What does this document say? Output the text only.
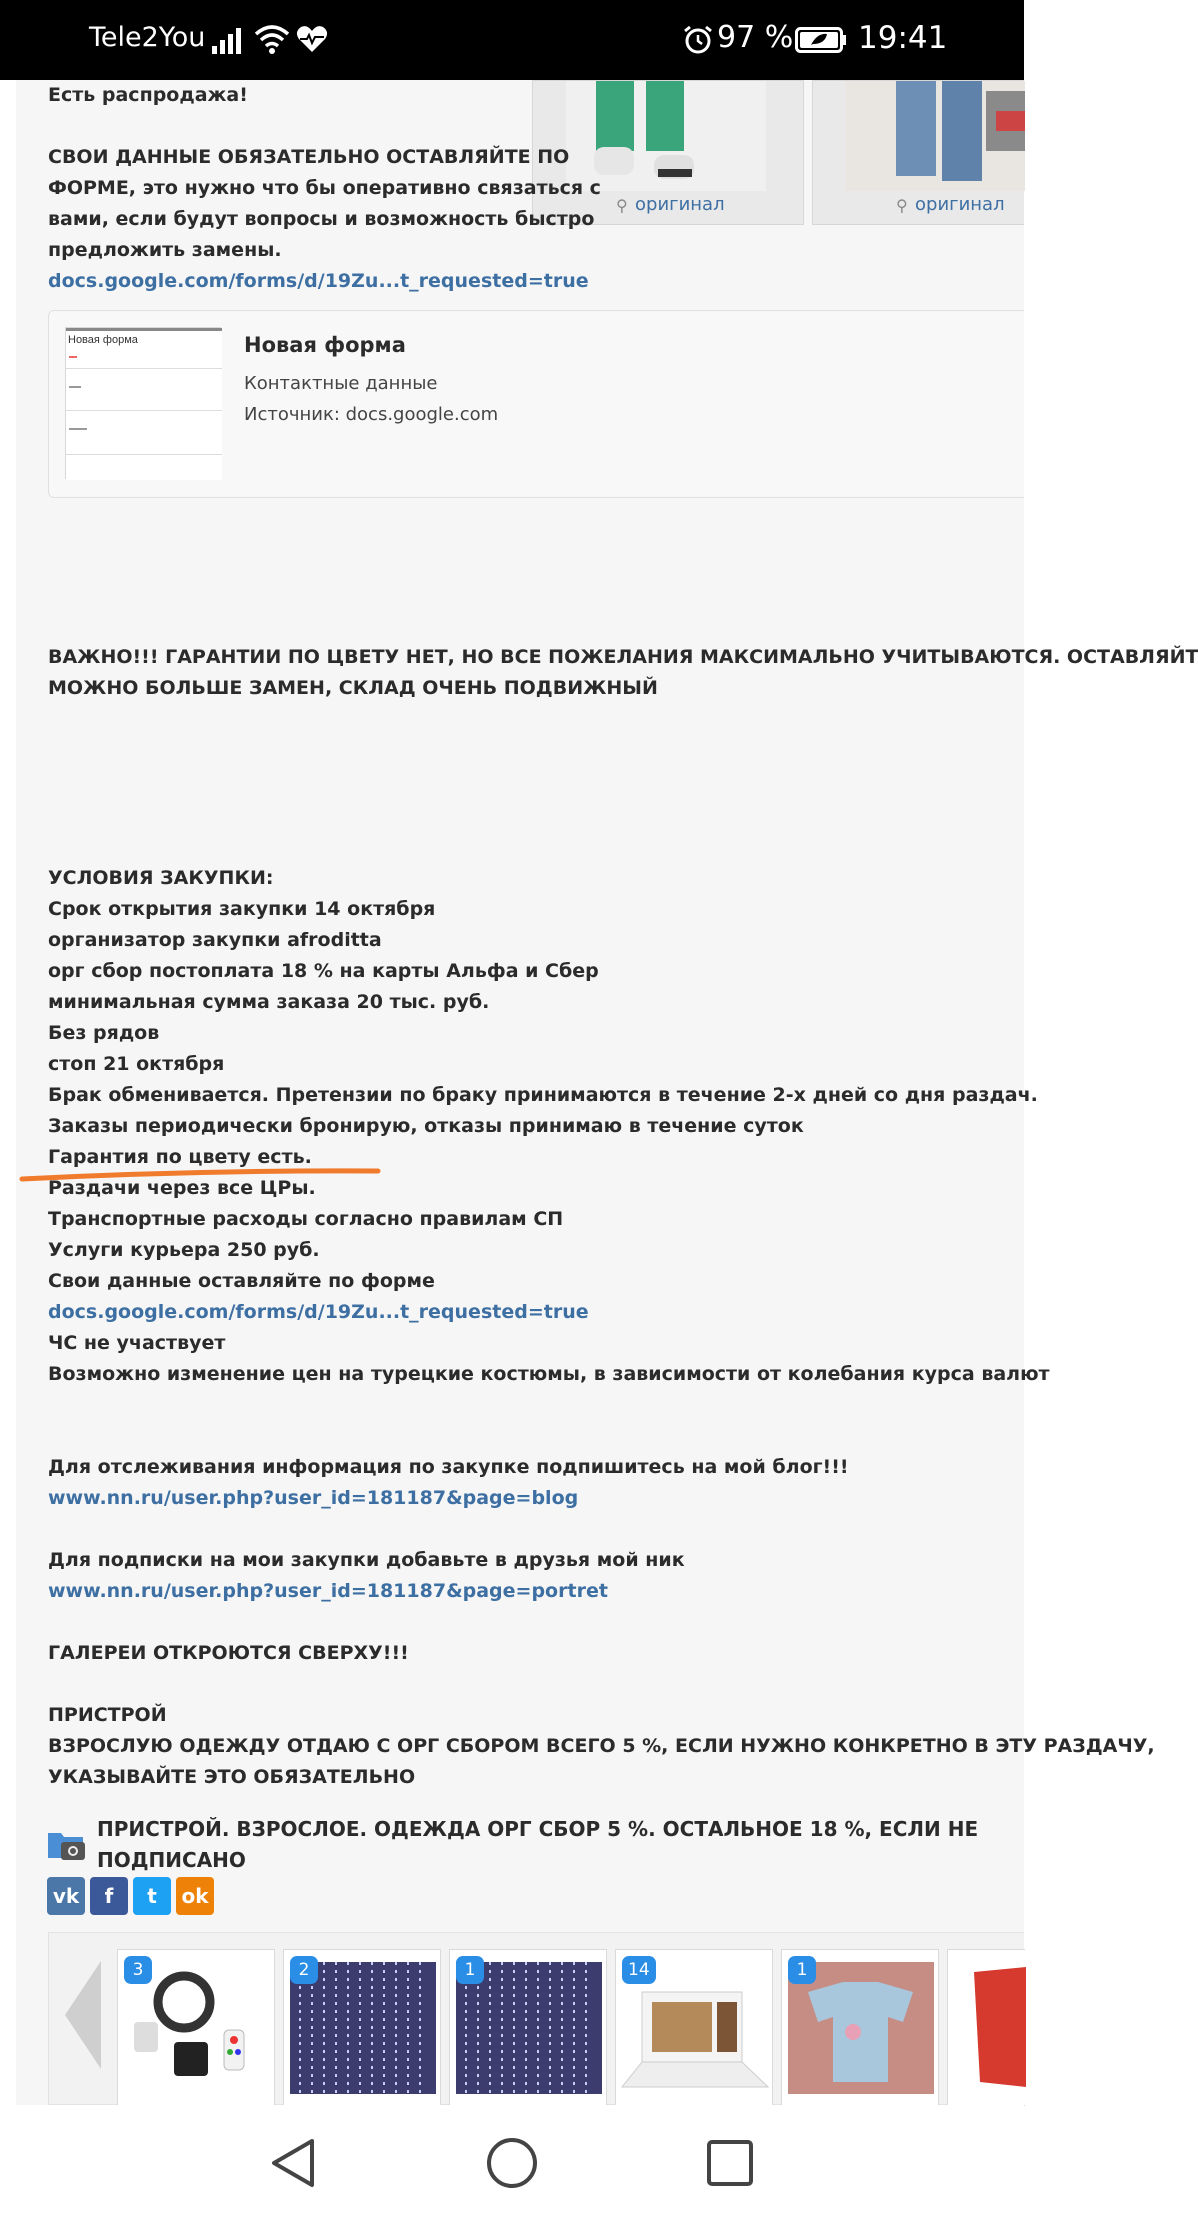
Tele2You	97 % 19:41
⚲ оригинал	⚲ оригинал
Есть распродажа!
СВОИ ДАННЫЕ ОБЯЗАТЕЛЬНО ОСТАВЛЯЙТЕ ПО
ФОРМЕ, это нужно что бы оперативно связаться с
вами, если будут вопросы и возможность быстро
предложить замены.
docs.google.com/forms/d/19Zu...t_requested=true
Новая форма	Новая форма
Контактные данные
Источник: docs.google.com
ВАЖНО!!! ГАРАНТИИ ПО ЦВЕТУ НЕТ, НО ВСЕ ПОЖЕЛАНИЯ МАКСИМАЛЬНО УЧИТЫВАЮТСЯ. ОСТАВЛЯЙТ
МОЖНО БОЛЬШЕ ЗАМЕН, СКЛАД ОЧЕНЬ ПОДВИЖНЫЙ
УСЛОВИЯ ЗАКУПКИ:
Срок открытия закупки 14 октября
организатор закупки afroditta
орг сбор постоплата 18 % на карты Альфа и Сбер
минимальная сумма заказа 20 тыс. руб.
Без рядов
стоп 21 октября
Брак обменивается. Претензии по браку принимаются в течение 2-х дней со дня раздач.
Заказы периодически бронирую, отказы принимаю в течение суток
Гарантия по цвету есть.
Раздачи через все ЦРы.
Транспортные расходы согласно правилам СП
Услуги курьера 250 руб.
Свои данные оставляйте по форме
docs.google.com/forms/d/19Zu...t_requested=true
ЧС не участвует
Возможно изменение цен на турецкие костюмы, в зависимости от колебания курса валют
Для отслеживания информация по закупке подпишитесь на мой блог!!!
www.nn.ru/user.php?user_id=181187&page=blog
Для подписки на мои закупки добавьте в друзья мой ник
www.nn.ru/user.php?user_id=181187&page=portret
ГАЛЕРЕИ ОТКРОЮТСЯ СВЕРХУ!!!
ПРИСТРОЙ
ВЗРОСЛУЮ ОДЕЖДУ ОТДАЮ С ОРГ СБОРОМ ВСЕГО 5 %, ЕСЛИ НУЖНО КОНКРЕТНО В ЭТУ РАЗДАЧУ,
УКАЗЫВАЙТЕ ЭТО ОБЯЗАТЕЛЬНО
ПРИСТРОЙ. ВЗРОСЛОЕ. ОДЕЖДА ОРГ СБОР 5 %. ОСТАЛЬНОЕ 18 %, ЕСЛИ НЕ
ПОДПИСАНО
vk	f	t	ok
3	2	1	14	1
